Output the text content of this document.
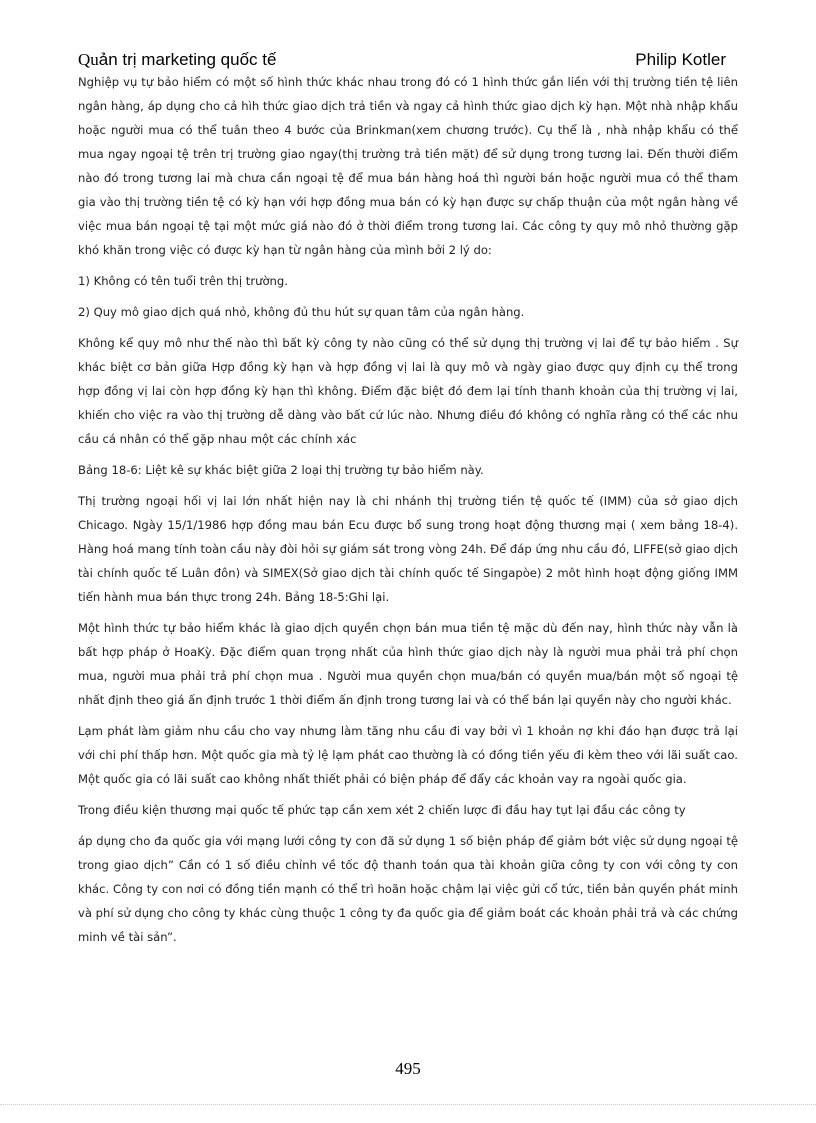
Quản trị marketing quốc tế	Philip Kotler

Nghiệp vụ tự bảo hiểm có một số hình thức khác nhau trong đó có 1 hình thức gắn liền với thị trường tiền tệ liên ngân hàng, áp dụng cho cả hìh thức giao dịch trả tiền và ngay cả hình thức giao dịch kỳ hạn. Một nhà nhập khẩu hoặc người mua có thể tuân theo 4 bước của Brinkman(xem chương trước). Cụ thể là , nhà nhập khẩu có thể mua ngay ngoại tệ trên trị trường giao ngay(thị trường trả tiền mặt) để sử dụng trong tương lai. Đến thười điểm nào đó trong tương lai mà chưa cần ngoại tệ để mua bán hàng hoá thì người bán hoặc người mua có thể tham gia vào thị trường tiền tệ có kỳ hạn với hợp đồng mua bán có kỳ hạn được sự chấp thuận của một ngân hàng về việc mua bán ngoại tệ tại một mức giá nào đó ở thời điểm trong tương lai. Các công ty quy mô nhỏ thường gặp khó khăn trong việc có được kỳ hạn từ ngân hàng của mình bởi 2 lý do:

1) Không có tên tuổi trên thị trường.

2) Quy mô giao dịch quá nhỏ, không đủ thu hút sự quan tâm của ngân hàng.

Không kể quy mô như thế nào thì bất kỳ công ty nào cũng có thể sử dụng thị trường vị lai để tự bảo hiểm . Sự khác biệt cơ bản giữa Hợp đồng kỳ hạn và hợp đồng vị lai là quy mô và ngày giao được quy định cụ thể trong hợp đồng vị lai còn hợp đồng kỳ hạn thì không. Điểm đặc biệt đó đem lại tính thanh khoản của thị trường vị lai, khiến cho việc ra vào thị trường dễ dàng vào bất cứ lúc nào. Nhưng điều đó không có nghĩa rằng có thể các nhu cầu cá nhân có thể gặp nhau một các chính xác

Bảng 18-6: Liệt kê sự khác biệt giữa 2 loại thị trường tự bảo hiểm này.

Thị trường ngoại hối vị lai lớn nhất hiện nay là chi nhánh thị trường tiền tệ quốc tế (IMM) của sở giao dịch Chicago. Ngày 15/1/1986 hợp đồng mau bán Ecu được bổ sung trong hoạt động thương mại ( xem bảng 18-4). Hàng hoá mang tính toàn cầu này đòi hỏi sự giám sát trong vòng 24h. Để đáp ứng nhu cầu đó, LIFFE(sở giao dịch tài chính quốc tế Luân đôn) và SIMEX(Sở giao dịch tài chính quốc tế Singapòe) 2 môt hình hoạt động giống IMM tiến hành mua bán thực trong 24h. Bảng 18-5:Ghi lại.

Một hình thức tự bảo hiểm khác là giao dịch quyền chọn bán mua tiền tệ mặc dù đến nay, hình thức này vẫn là bất hợp pháp ở HoaKỳ. Đặc điểm quan trọng nhất của hình thức giao dịch này là người mua phải trả phí chọn mua, người mua phải trả phí chọn mua . Người mua quyền chọn mua/bán có quyền mua/bán một số ngoại tệ nhất định theo giá ấn định trước 1 thời điểm ấn định trong tương lai và có thể bán lại quyền này cho người khác.

Lạm phát làm giảm nhu cầu cho vay nhưng làm tăng nhu cầu đi vay bởi vì 1 khoản nợ khi đáo hạn được trả lại với chi phí thấp hơn. Một quốc gia mà tỷ lệ lạm phát cao thường là có đồng tiền yếu đi kèm theo với lãi suất cao. Một quốc gia có lãi suất cao không nhất thiết phải có biện pháp để đẩy các khoản vay ra ngoài quốc gia.

Trong điều kiện thương mại quốc tế phức tạp cần xem xét 2 chiến lược đi đầu hay tụt lại đầu các công ty

áp dụng cho đa quốc gia với mạng lưới công ty con đã sử dụng 1 số biện pháp để giảm bớt việc sử dụng ngoại tệ trong giao dịch” Cần có 1 số điều chỉnh về tốc độ thanh toán qua tài khoản giữa công ty con với công ty con khác. Công ty con nơi có đồng tiền mạnh có thể trì hoãn hoặc chậm lại việc gửi cổ tức, tiền bản quyền phát minh và phí sử dụng cho công ty khác cùng thuộc 1 công ty đa quốc gia để giảm boát các khoản phải trả và các chứng minh về tài sản”.

495
